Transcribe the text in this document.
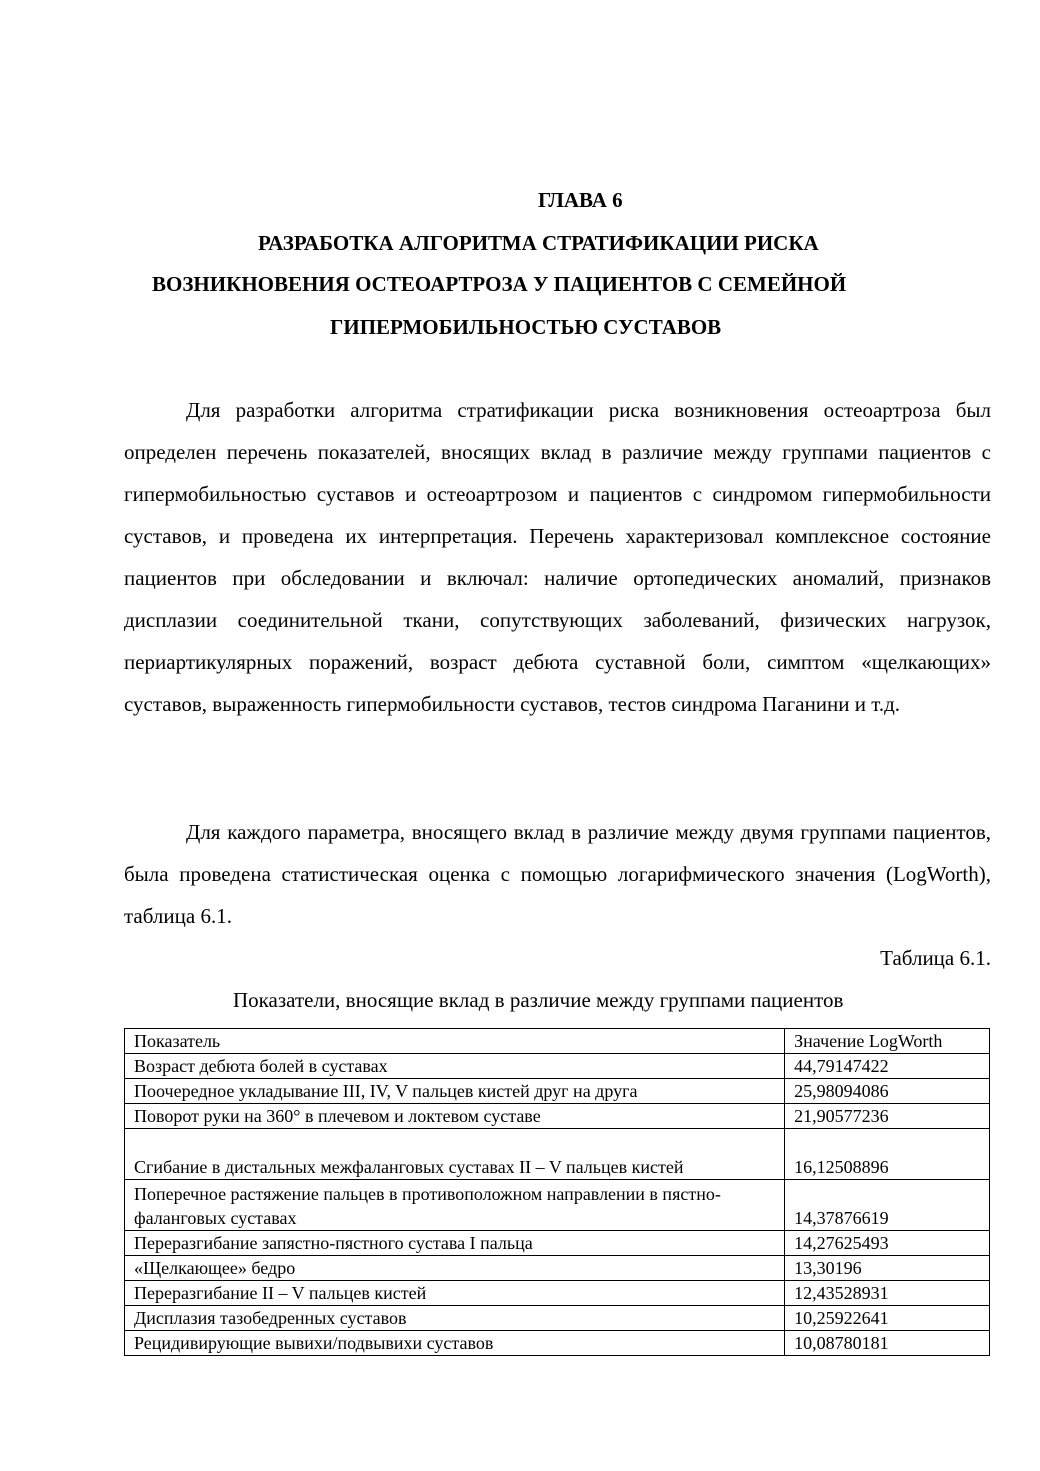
ГЛАВА 6
РАЗРАБОТКА АЛГОРИТМА СТРАТИФИКАЦИИ РИСКА
ВОЗНИКНОВЕНИЯ ОСТЕОАРТРОЗА У ПАЦИЕНТОВ С СЕМЕЙНОЙ
ГИПЕРМОБИЛЬНОСТЬЮ СУСТАВОВ

Для разработки алгоритма стратификации риска возникновения остеоартроза был определен перечень показателей, вносящих вклад в различие между группами пациентов с гипермобильностью суставов и остеоартрозом и пациентов с синдромом гипермобильности суставов, и проведена их интерпретация. Перечень характеризовал комплексное состояние пациентов при обследовании и включал: наличие ортопедических аномалий, признаков дисплазии соединительной ткани, сопутствующих заболеваний, физических нагрузок, периартикулярных поражений, возраст дебюта суставной боли, симптом «щелкающих» суставов, выраженность гипермобильности суставов, тестов синдрома Паганини и т.д.

Для каждого параметра, вносящего вклад в различие между двумя группами пациентов, была проведена статистическая оценка с помощью логарифмического значения (LogWorth), таблица 6.1.

Таблица 6.1.
Показатели, вносящие вклад в различие между группами пациентов
Показатель	Значение LogWorth
Возраст дебюта болей в суставах	44,79147422
Поочередное укладывание III, IV, V пальцев кистей друг на друга	25,98094086
Поворот руки на 360° в плечевом и локтевом суставе	21,90577236
Сгибание в дистальных межфаланговых суставах II – V пальцев кистей	16,12508896
Поперечное растяжение пальцев в противоположном направлении в пястно-фаланговых суставах	14,37876619
Переразгибание запястно-пястного сустава I пальца	14,27625493
«Щелкающее» бедро	13,30196
Переразгибание II – V пальцев кистей	12,43528931
Дисплазия тазобедренных суставов	10,25922641
Рецидивирующие вывихи/подвывихи суставов	10,08780181
